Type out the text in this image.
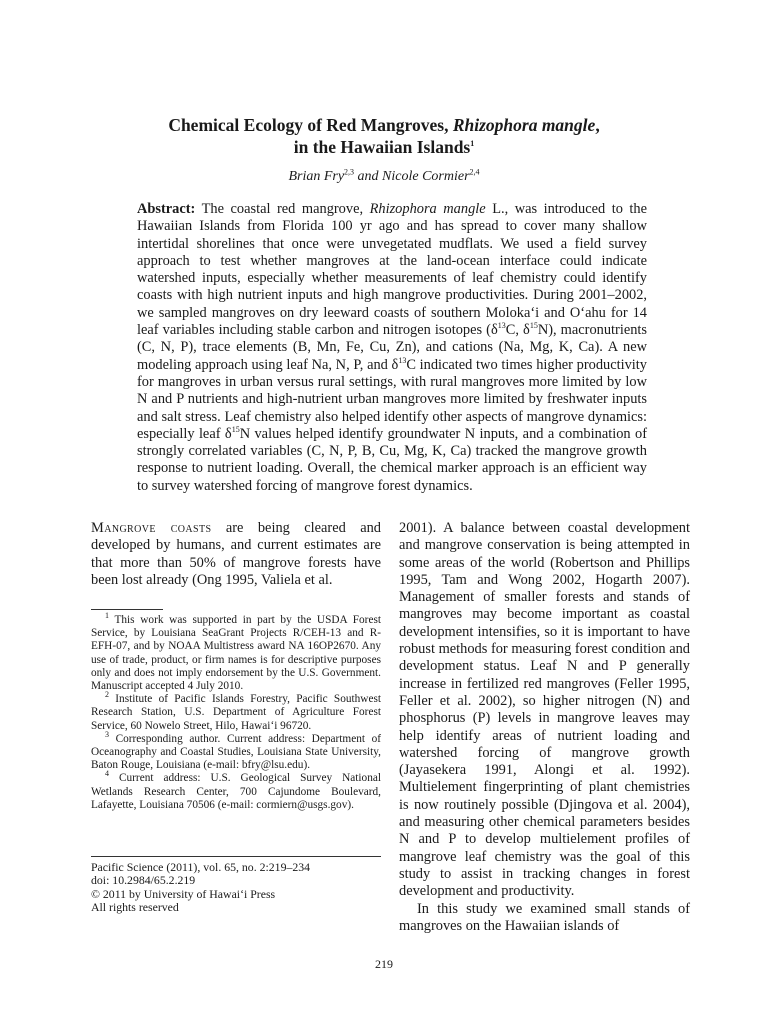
Chemical Ecology of Red Mangroves, Rhizophora mangle,
in the Hawaiian Islands$^1$
Brian Fry$^{2,3}$ and Nicole Cormier$^{2,4}$
Abstract: The coastal red mangrove, Rhizophora mangle L., was introduced to the Hawaiian Islands from Florida 100 yr ago and has spread to cover many shallow intertidal shorelines that once were unvegetated mudflats. We used a field survey approach to test whether mangroves at the land-ocean interface could indicate watershed inputs, especially whether measurements of leaf chemistry could identify coasts with high nutrient inputs and high mangrove productivities. During 2001–2002, we sampled mangroves on dry leeward coasts of southern Molokaʻi and Oʻahu for 14 leaf variables including stable carbon and nitrogen isotopes ($\delta^{13}C$, $\delta^{15}N$), macronutrients (C, N, P), trace elements (B, Mn, Fe, Cu, Zn), and cations (Na, Mg, K, Ca). A new modeling approach using leaf Na, N, P, and $\delta^{13}C$ indicated two times higher productivity for mangroves in urban versus rural settings, with rural mangroves more limited by low N and P nutrients and high-nutrient urban mangroves more limited by freshwater inputs and salt stress. Leaf chemistry also helped identify other aspects of mangrove dynamics: especially leaf $\delta^{15}N$ values helped identify groundwater N inputs, and a combination of strongly correlated variables (C, N, P, B, Cu, Mg, K, Ca) tracked the mangrove growth response to nutrient loading. Overall, the chemical marker approach is an efficient way to survey watershed forcing of mangrove forest dynamics.

Mangrove coasts are being cleared and developed by humans, and current estimates are that more than 50% of mangrove forests have been lost already (Ong 1995, Valiela et al.

$^1$ This work was supported in part by the USDA Forest Service, by Louisiana SeaGrant Projects R/CEH-13 and R-EFH-07, and by NOAA Multistress award NA 16OP2670. Any use of trade, product, or firm names is for descriptive purposes only and does not imply endorsement by the U.S. Government. Manuscript accepted 4 July 2010.

$^2$ Institute of Pacific Islands Forestry, Pacific Southwest Research Station, U.S. Department of Agriculture Forest Service, 60 Nowelo Street, Hilo, Hawaiʻi 96720.

$^3$ Corresponding author. Current address: Department of Oceanography and Coastal Studies, Louisiana State University, Baton Rouge, Louisiana (e-mail: bfry@lsu.edu).

$^4$ Current address: U.S. Geological Survey National Wetlands Research Center, 700 Cajundome Boulevard, Lafayette, Louisiana 70506 (e-mail: cormiern@usgs.gov).

Pacific Science (2011), vol. 65, no. 2:219–234
doi: 10.2984/65.2.219
© 2011 by University of Hawaiʻi Press
All rights reserved

2001). A balance between coastal development and mangrove conservation is being attempted in some areas of the world (Robertson and Phillips 1995, Tam and Wong 2002, Hogarth 2007). Management of smaller forests and stands of mangroves may become important as coastal development intensifies, so it is important to have robust methods for measuring forest condition and development status. Leaf N and P generally increase in fertilized red mangroves (Feller 1995, Feller et al. 2002), so higher nitrogen (N) and phosphorus (P) levels in mangrove leaves may help identify areas of nutrient loading and watershed forcing of mangrove growth (Jayasekera 1991, Alongi et al. 1992). Multielement fingerprinting of plant chemistries is now routinely possible (Djingova et al. 2004), and measuring other chemical parameters besides N and P to develop multielement profiles of mangrove leaf chemistry was the goal of this study to assist in tracking changes in forest development and productivity.

In this study we examined small stands of mangroves on the Hawaiian islands of

219
